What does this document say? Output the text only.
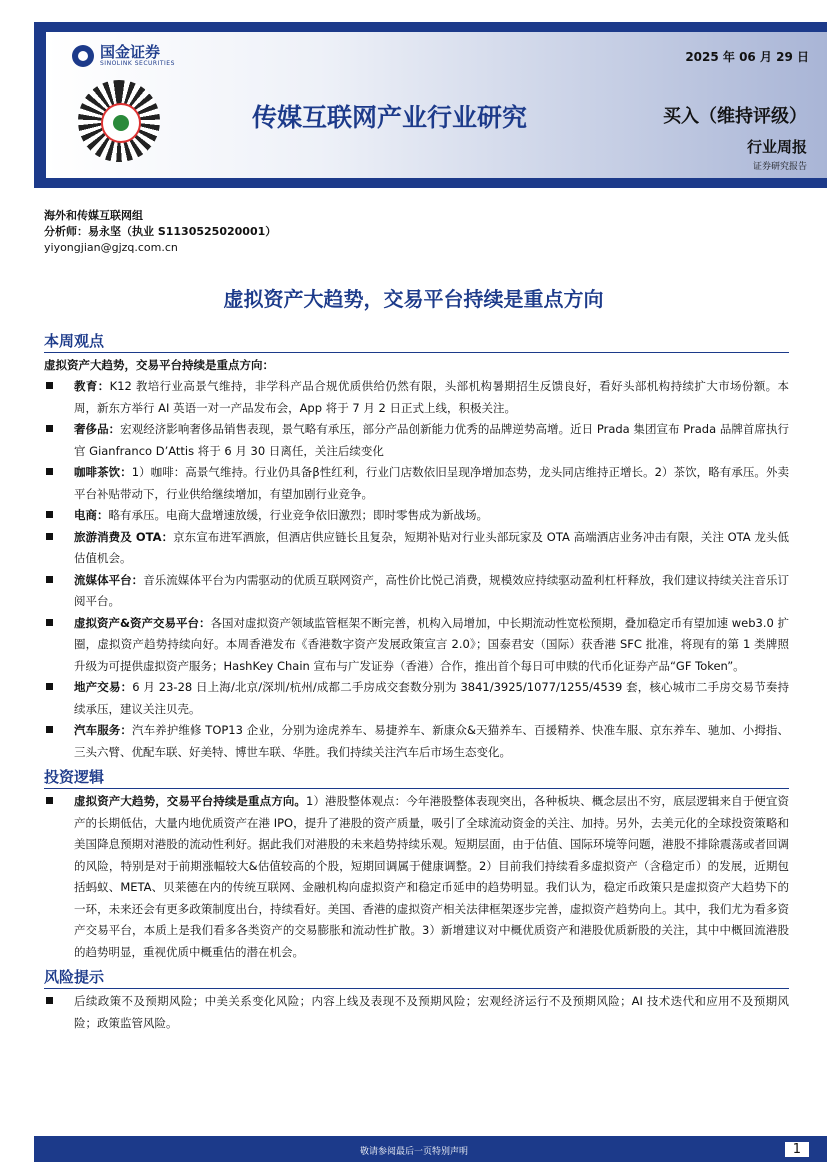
国金证券
SINOLINK SECURITIES	2025 年 06 月 29 日
传媒互联网产业行业研究	买入（维持评级）
行业周报
证券研究报告
海外和传媒互联网组
分析师：易永坚（执业 S1130525020001）
yiyongjian@gjzq.com.cn
虚拟资产大趋势，交易平台持续是重点方向
本周观点

虚拟资产大趋势，交易平台持续是重点方向：

教育：K12 教培行业高景气维持，非学科产品合规优质供给仍然有限，头部机构暑期招生反馈良好，看好头部机构持续扩大市场份额。本周，新东方举行 AI 英语一对一产品发布会，App 将于 7 月 2 日正式上线，积极关注。

奢侈品：宏观经济影响奢侈品销售表现，景气略有承压，部分产品创新能力优秀的品牌逆势高增。近日 Prada 集团宣布 Prada 品牌首席执行官 Gianfranco D’Attis 将于 6 月 30 日离任，关注后续变化

咖啡茶饮：1）咖啡：高景气维持。行业仍具备β性红利，行业门店数依旧呈现净增加态势，龙头同店维持正增长。2）茶饮，略有承压。外卖平台补贴带动下，行业供给继续增加，有望加剧行业竞争。

电商：略有承压。电商大盘增速放缓，行业竞争依旧激烈；即时零售成为新战场。

旅游消费及 OTA：京东宣布进军酒旅，但酒店供应链长且复杂，短期补贴对行业头部玩家及 OTA 高端酒店业务冲击有限，关注 OTA 龙头低估值机会。

流媒体平台：音乐流媒体平台为内需驱动的优质互联网资产，高性价比悦己消费，规模效应持续驱动盈利杠杆释放，我们建议持续关注音乐订阅平台。

虚拟资产&资产交易平台：各国对虚拟资产领域监管框架不断完善，机构入局增加，中长期流动性宽松预期，叠加稳定币有望加速 web3.0 扩圈，虚拟资产趋势持续向好。本周香港发布《香港数字资产发展政策宣言 2.0》；国泰君安（国际）获香港 SFC 批准，将现有的第 1 类牌照升级为可提供虚拟资产服务；HashKey Chain 宣布与广发证券（香港）合作，推出首个每日可申赎的代币化证券产品“GF Token”。

地产交易：6 月 23-28 日上海/北京/深圳/杭州/成都二手房成交套数分别为 3841/3925/1077/1255/4539 套，核心城市二手房交易节奏持续承压，建议关注贝壳。

汽车服务：汽车养护维修 TOP13 企业，分别为途虎养车、易捷养车、新康众&天猫养车、百援精养、快准车服、京东养车、驰加、小拇指、三头六臂、优配车联、好美特、博世车联、华胜。我们持续关注汽车后市场生态变化。

投资逻辑

虚拟资产大趋势，交易平台持续是重点方向。1）港股整体观点：今年港股整体表现突出，各种板块、概念层出不穷，底层逻辑来自于便宜资产的长期低估，大量内地优质资产在港 IPO，提升了港股的资产质量，吸引了全球流动资金的关注、加持。另外，去美元化的全球投资策略和美国降息预期对港股的流动性利好。据此我们对港股的未来趋势持续乐观。短期层面，由于估值、国际环境等问题，港股不排除震荡或者回调的风险，特别是对于前期涨幅较大&估值较高的个股，短期回调属于健康调整。2）目前我们持续看多虚拟资产（含稳定币）的发展，近期包括蚂蚁、META、贝莱德在内的传统互联网、金融机构向虚拟资产和稳定币延申的趋势明显。我们认为，稳定币政策只是虚拟资产大趋势下的一环，未来还会有更多政策制度出台，持续看好。美国、香港的虚拟资产相关法律框架逐步完善，虚拟资产趋势向上。其中，我们尤为看多资产交易平台，本质上是我们看多各类资产的交易膨胀和流动性扩散。3）新增建议对中概优质资产和港股优质新股的关注，其中中概回流港股的趋势明显，重视优质中概重估的潜在机会。

风险提示

后续政策不及预期风险；中美关系变化风险；内容上线及表现不及预期风险；宏观经济运行不及预期风险；AI 技术迭代和应用不及预期风险；政策监管风险。

敬请参阅最后一页特别声明	1
